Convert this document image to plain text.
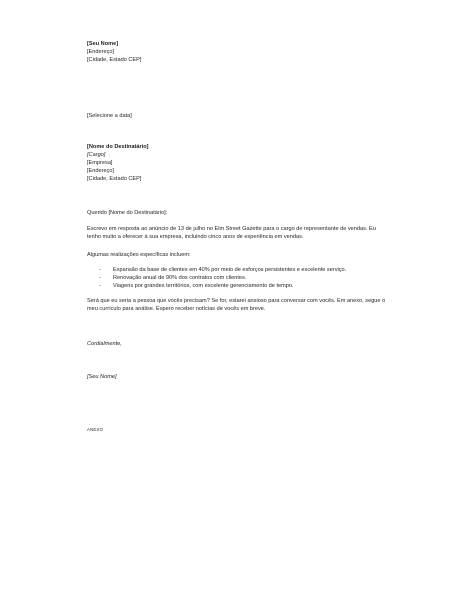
[Seu Nome]
[Endereço]
[Cidade, Estado CEP]
[Selecione a data]
[Nome do Destinatário]
[Cargo]
[Empresa]
[Endereço]
[Cidade, Estado CEP]
Querido [Nome do Destinatário]:
Escrevo em resposta ao anúncio de 13 de julho no Elm Street Gazette para o cargo de representante de vendas. Eu tenho muito a oferecer à sua empresa, incluindo cinco anos de experiência em vendas.
Algumas realizações específicas incluem:
- Expansão da base de clientes em 40% por meio de esforços persistentes e excelente serviço.
- Renovação anual de 90% dos contratos com clientes.
- Viagens por grandes territórios, com excelente gerenciamento de tempo.
Será que eu seria a pessoa que vocês precisam? Se for, estarei ansioso para conversar com vocês. Em anexo, segue o meu currículo para análise. Espero receber notícias de vocês em breve.
Cordialmente,
[Seu Nome]
ANEXO
